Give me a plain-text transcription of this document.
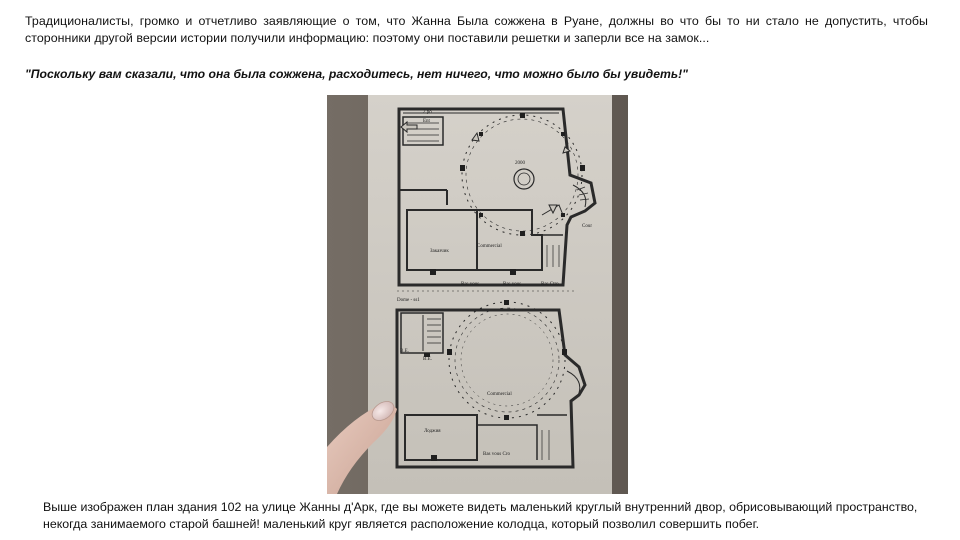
Традиционалисты, громко и отчетливо заявляющие о том, что Жанна Была сожжена в Руане, должны во что бы то ни стало не допустить, чтобы сторонники другой версии истории получили информацию: поэтому они поставили решетки и заперли все на замок...
"Поскольку вам сказали, что она была сожжена, расходитесь, нет ничего, что можно было бы увидеть!"
2 рo
Ent
2000
Заказчик
Commercial
Cour
Bas vous	Bas vous	Bas Ctro
Dome - ss1
B.E.
B.E.
Лоджия
Commercial
Bas vous Cro
Выше изображен план здания 102 на улице Жанны д'Арк, где вы можете видеть маленький круглый внутренний двор, обрисовывающий пространство, некогда занимаемого старой башней! маленький круг является расположение колодца, который позволил совершить побег.
